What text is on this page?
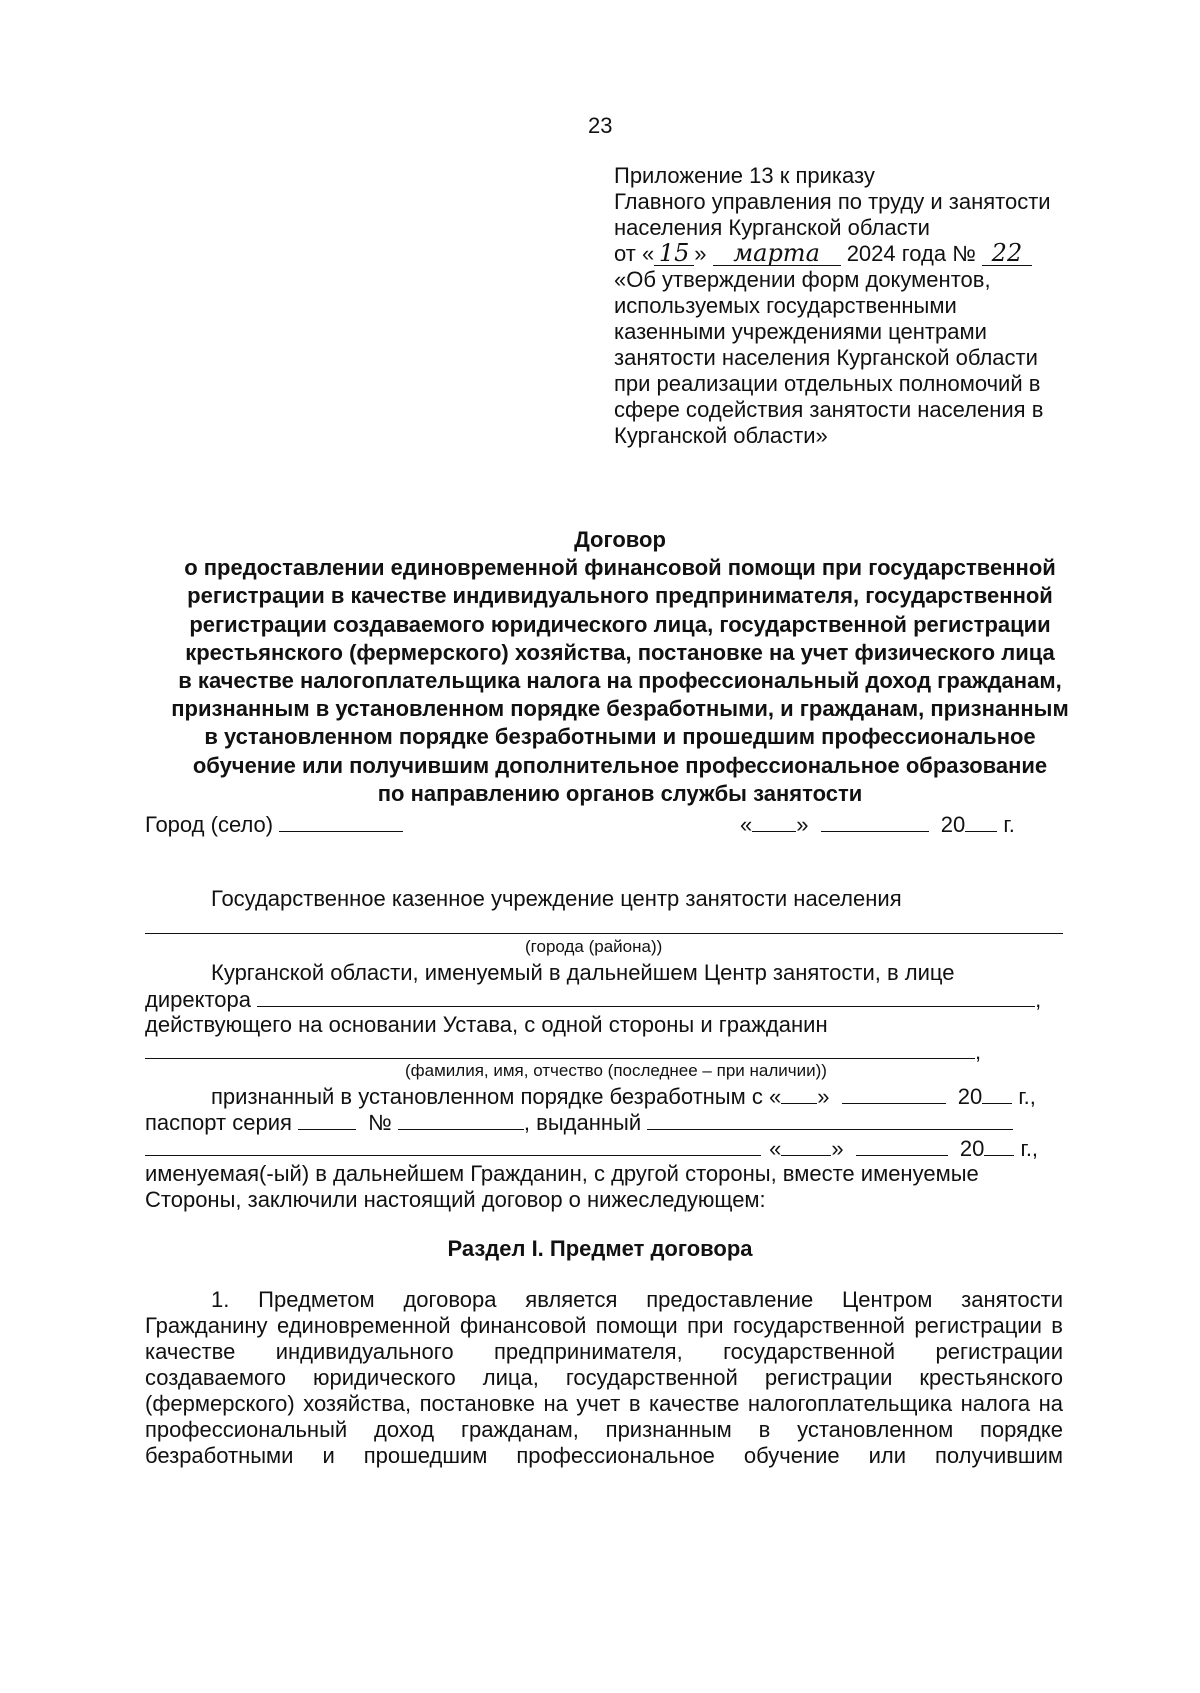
23
Приложение 13 к приказу
Главного управления по труду и занятости
населения Курганской области
от « 15 » марта 2024 года № 22
«Об утверждении форм документов,
используемых государственными
казенными учреждениями центрами
занятости населения Курганской области
при реализации отдельных полномочий в
сфере содействия занятости населения в
Курганской области»
Договор
о предоставлении единовременной финансовой помощи при государственной
регистрации в качестве индивидуального предпринимателя, государственной
регистрации создаваемого юридического лица, государственной регистрации
крестьянского (фермерского) хозяйства, постановке на учет физического лица
в качестве налогоплательщика налога на профессиональный доход гражданам,
признанным в установленном порядке безработными, и гражданам, признанным
в установленном порядке безработными и прошедшим профессиональное
обучение или получившим дополнительное профессиональное образование
по направлению органов службы занятости
Город (село)	« »	20 г.
Государственное казенное учреждение центр занятости населения
(города (района))
Курганской области, именуемый в дальнейшем Центр занятости, в лице
директора	,
действующего на основании Устава, с одной стороны и гражданин
,
(фамилия, имя, отчество (последнее – при наличии))
признанный в установленном порядке безработным с « »	20 г.,
паспорт серия	№	, выданный
« »	20 г.,
именуемая(-ый) в дальнейшем Гражданин, с другой стороны, вместе именуемые
Стороны, заключили настоящий договор о нижеследующем:
Раздел I. Предмет договора
1. Предметом договора является предоставление Центром занятости
Гражданину единовременной финансовой помощи при государственной регистрации в
качестве индивидуального предпринимателя, государственной регистрации
создаваемого юридического лица, государственной регистрации крестьянского
(фермерского) хозяйства, постановке на учет в качестве налогоплательщика налога на
профессиональный доход гражданам, признанным в установленном порядке
безработными и прошедшим профессиональное обучение или получившим
